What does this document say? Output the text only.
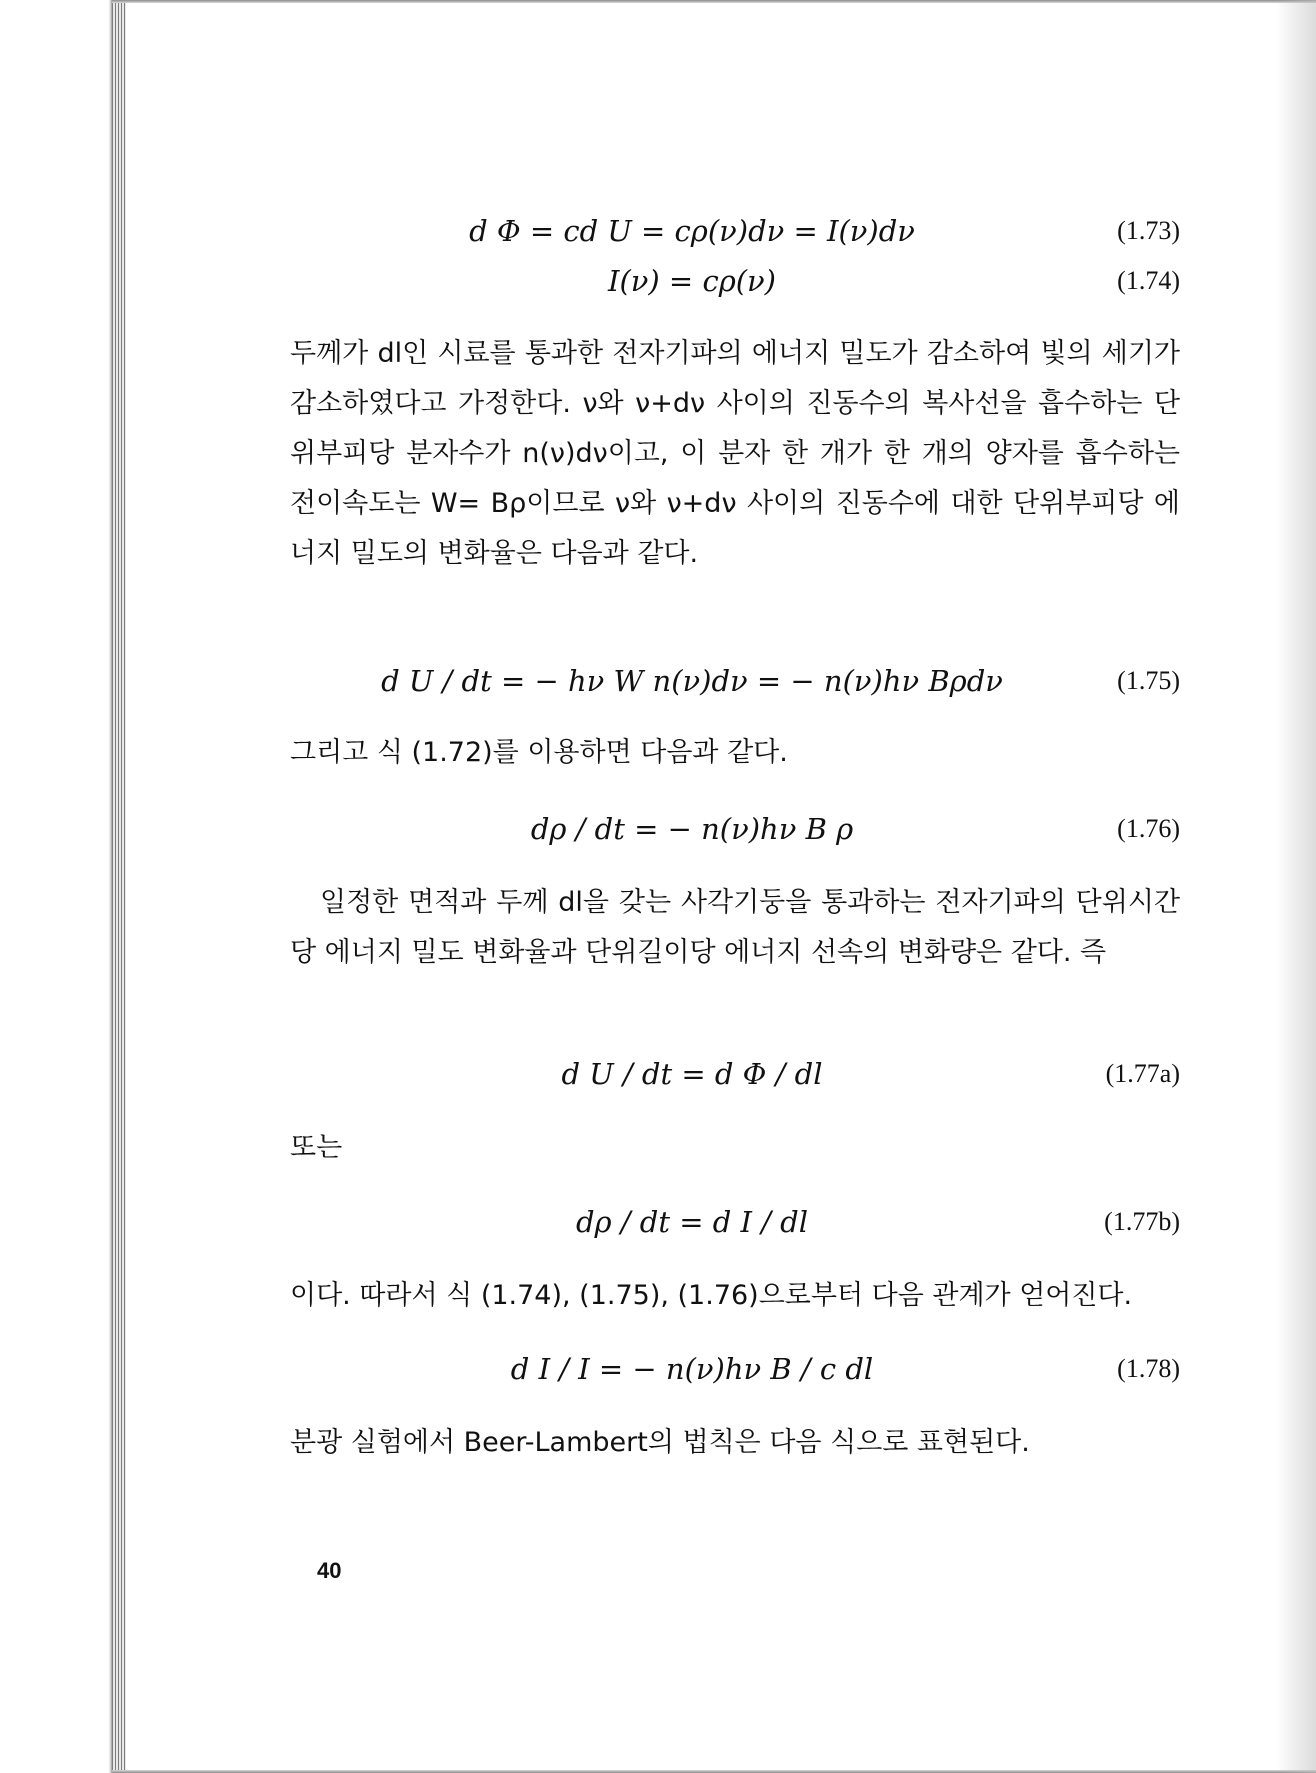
d Φ = cd U = cρ(ν)dν = I(ν)dν	(1.73)
I(ν) = cρ(ν)	(1.74)

두께가 dl인 시료를 통과한 전자기파의 에너지 밀도가 감소하여 빛의 세기가 감소하였다고 가정한다. ν와 ν+dν 사이의 진동수의 복사선을 흡수하는 단위부피당 분자수가 n(ν)dν이고, 이 분자 한 개가 한 개의 양자를 흡수하는 전이속도는 W= Bρ이므로 ν와 ν+dν 사이의 진동수에 대한 단위부피당 에너지 밀도의 변화율은 다음과 같다.

d U / dt = − hν W n(ν)dν = − n(ν)hν Bρdν	(1.75)
그리고 식 (1.72)를 이용하면 다음과 같다.
dρ / dt = − n(ν)hν B ρ	(1.76)

일정한 면적과 두께 dl을 갖는 사각기둥을 통과하는 전자기파의 단위시간당 에너지 밀도 변화율과 단위길이당 에너지 선속의 변화량은 같다. 즉

d U / dt = d Φ / dl	(1.77a)
또는
dρ / dt = d I / dl	(1.77b)
이다. 따라서 식 (1.74), (1.75), (1.76)으로부터 다음 관계가 얻어진다.
d I / I = − n(ν)hν B / c dl	(1.78)
분광 실험에서 Beer-Lambert의 법칙은 다음 식으로 표현된다.
40
